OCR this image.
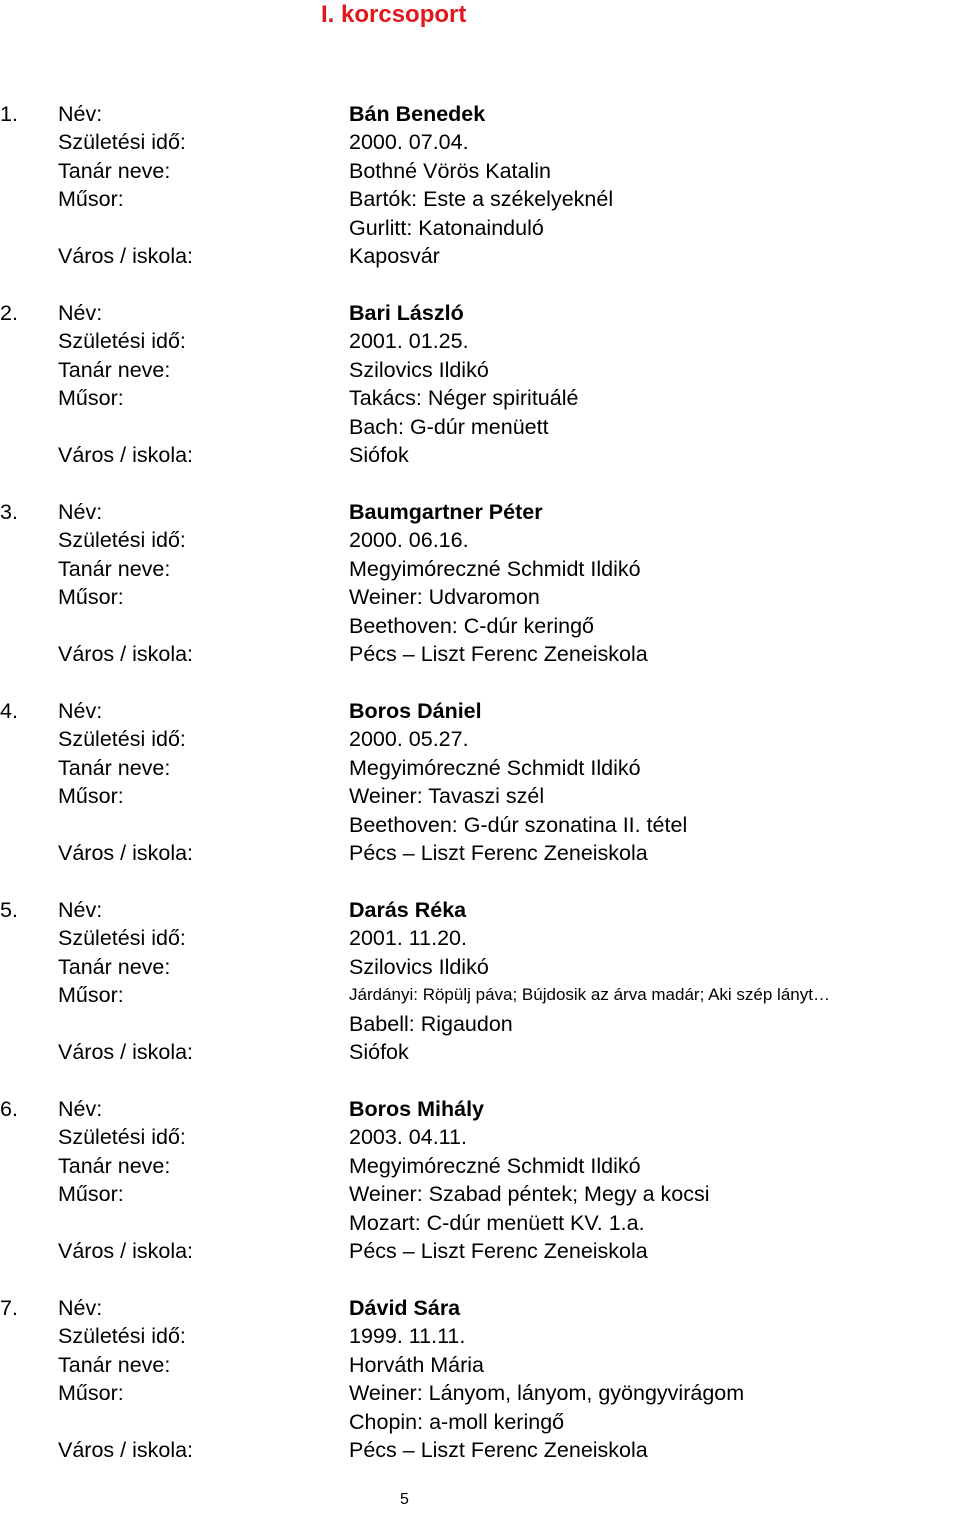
I. korcsoport
1. Név:	Bán Benedek
Születési idő:	2000. 07.04.
Tanár neve:	Bothné Vörös Katalin
Műsor:	Bartók: Este a székelyeknél
Gurlitt: Katonainduló
Város / iskola:	Kaposvár
2. Név:	Bari László
Születési idő:	2001. 01.25.
Tanár neve:	Szilovics Ildikó
Műsor:	Takács: Néger spirituálé
Bach: G-dúr menüett
Város / iskola:	Siófok
3. Név:	Baumgartner Péter
Születési idő:	2000. 06.16.
Tanár neve:	Megyimóreczné Schmidt Ildikó
Műsor:	Weiner: Udvaromon
Beethoven: C-dúr keringő
Város / iskola:	Pécs – Liszt Ferenc Zeneiskola
4. Név:	Boros Dániel
Születési idő:	2000. 05.27.
Tanár neve:	Megyimóreczné Schmidt Ildikó
Műsor:	Weiner: Tavaszi szél
Beethoven: G-dúr szonatina II. tétel
Város / iskola:	Pécs – Liszt Ferenc Zeneiskola
5. Név:	Darás Réka
Születési idő:	2001. 11.20.
Tanár neve:	Szilovics Ildikó
Műsor:	Járdányi: Röpülj páva; Bújdosik az árva madár; Aki szép lányt…
Babell: Rigaudon
Város / iskola:	Siófok
6. Név:	Boros Mihály
Születési idő:	2003. 04.11.
Tanár neve:	Megyimóreczné Schmidt Ildikó
Műsor:	Weiner: Szabad péntek; Megy a kocsi
Mozart: C-dúr menüett KV. 1.a.
Város / iskola:	Pécs – Liszt Ferenc Zeneiskola
7. Név:	Dávid Sára
Születési idő:	1999. 11.11.
Tanár neve:	Horváth Mária
Műsor:	Weiner: Lányom, lányom, gyöngyvirágom
Chopin: a-moll keringő
Város / iskola:	Pécs – Liszt Ferenc Zeneiskola
5
